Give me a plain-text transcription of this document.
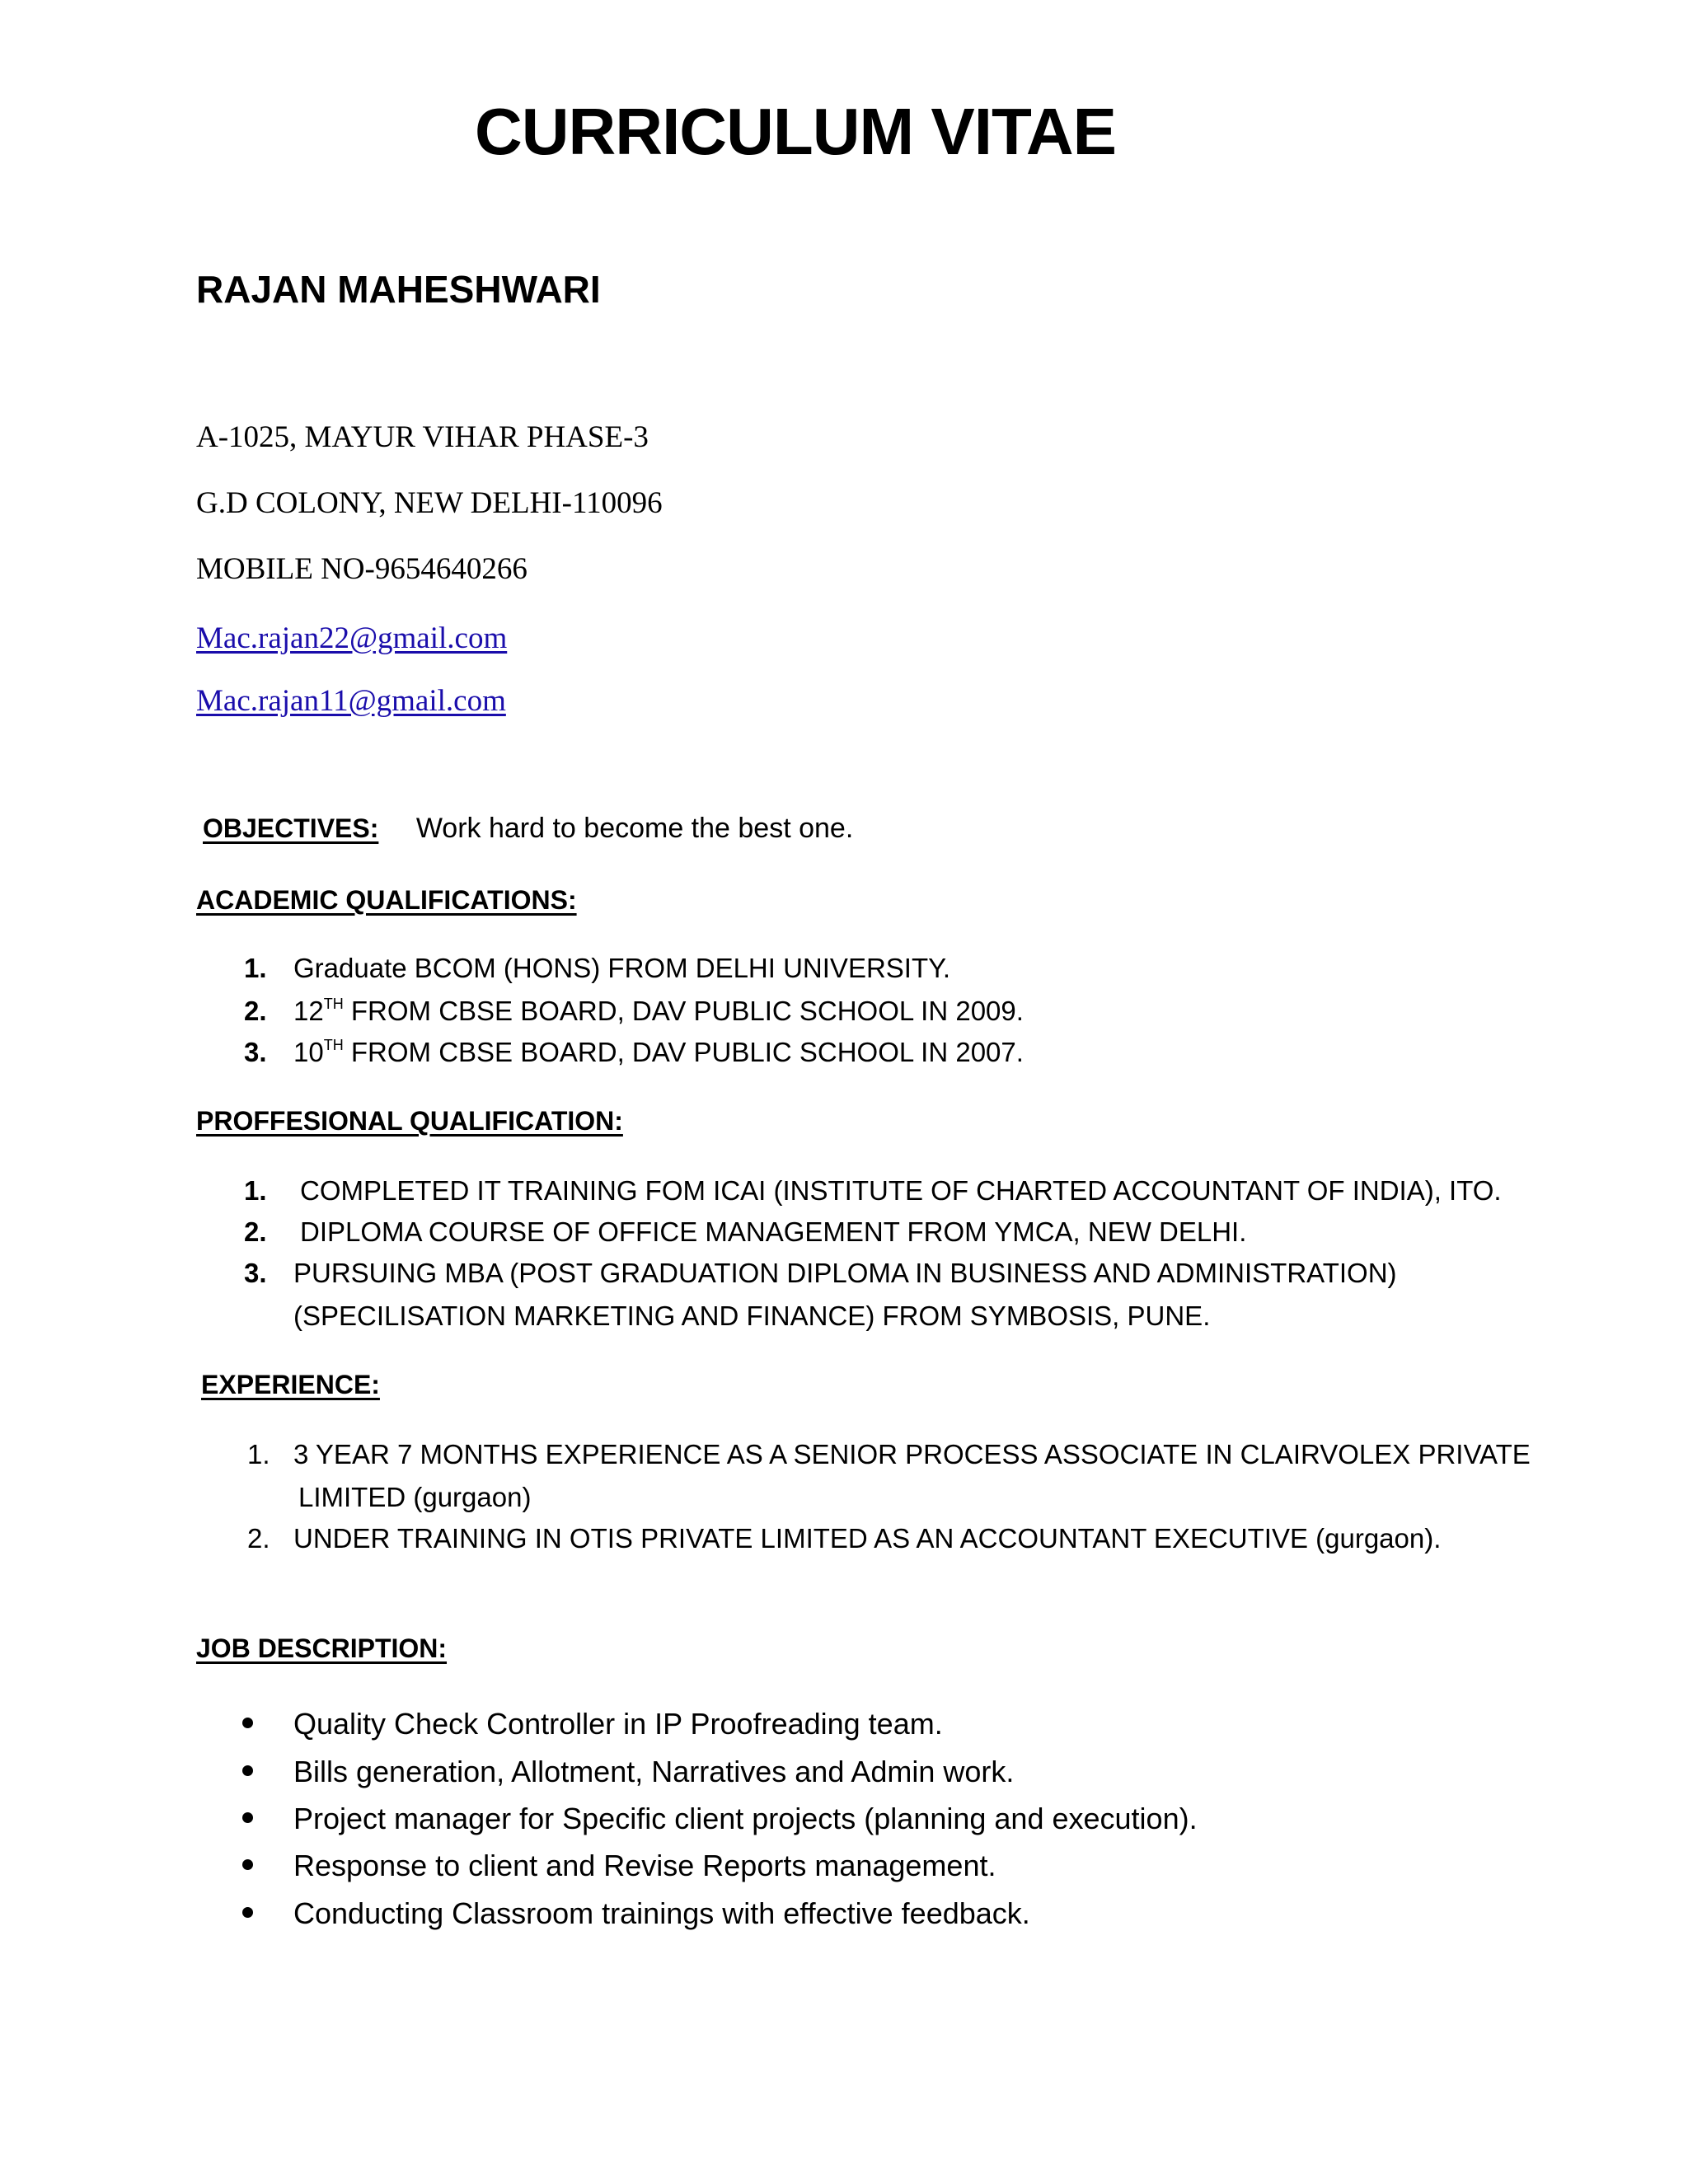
CURRICULUM VITAE
RAJAN MAHESHWARI
A-1025, MAYUR VIHAR PHASE-3
G.D COLONY, NEW DELHI-110096
MOBILE NO-9654640266
Mac.rajan22@gmail.com
Mac.rajan11@gmail.com
OBJECTIVES: Work hard to become the best one.
ACADEMIC QUALIFICATIONS:
1. Graduate BCOM (HONS) FROM DELHI UNIVERSITY.
2. 12TH FROM CBSE BOARD, DAV PUBLIC SCHOOL IN 2009.
3. 10TH FROM CBSE BOARD, DAV PUBLIC SCHOOL IN 2007.
PROFFESIONAL QUALIFICATION:
1. COMPLETED IT TRAINING FOM ICAI (INSTITUTE OF CHARTED ACCOUNTANT OF INDIA), ITO.
2. DIPLOMA COURSE OF OFFICE MANAGEMENT FROM YMCA, NEW DELHI.
3. PURSUING MBA (POST GRADUATION DIPLOMA IN BUSINESS AND ADMINISTRATION)
(SPECILISATION MARKETING AND FINANCE) FROM SYMBOSIS, PUNE.
EXPERIENCE:
1. 3 YEAR 7 MONTHS EXPERIENCE AS A SENIOR PROCESS ASSOCIATE IN CLAIRVOLEX PRIVATE
LIMITED (gurgaon)
2. UNDER TRAINING IN OTIS PRIVATE LIMITED AS AN ACCOUNTANT EXECUTIVE (gurgaon).
JOB DESCRIPTION:
Quality Check Controller in IP Proofreading team.
Bills generation, Allotment, Narratives and Admin work.
Project manager for Specific client projects (planning and execution).
Response to client and Revise Reports management.
Conducting Classroom trainings with effective feedback.
